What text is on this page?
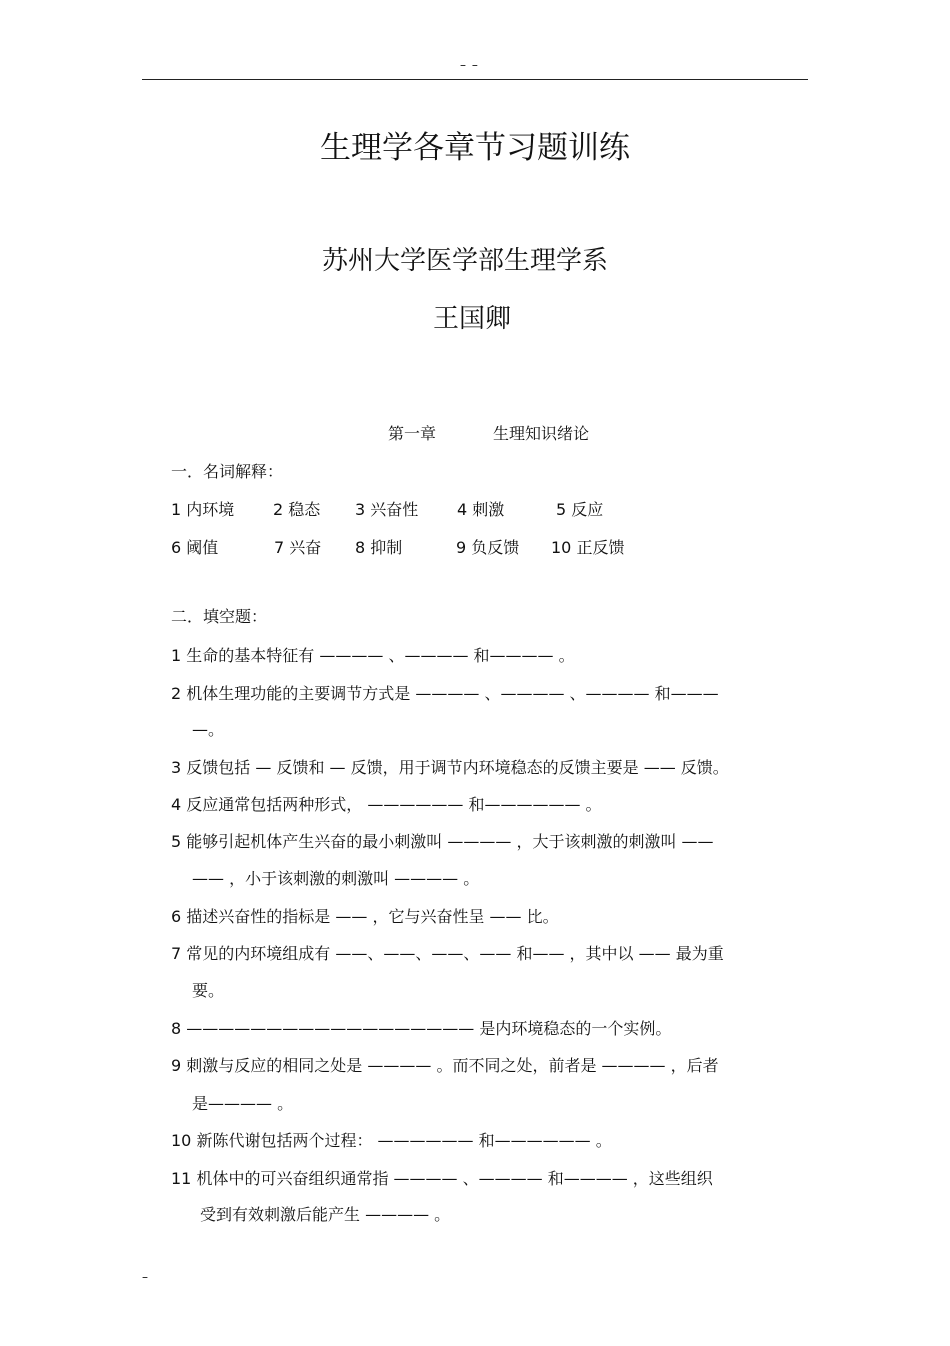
– –
生理学各章节习题训练
苏州大学医学部生理学系
王国卿
第一章	生理知识绪论
一．名词解释：
1 内环境 2 稳态 3 兴奋性 4 刺激	5 反应
6 阈值	7 兴奋 8 抑制	9 负反馈 10 正反馈
二．填空题：
1 生命的基本特征有 ———— 、———— 和———— 。
2 机体生理功能的主要调节方式是 ———— 、———— 、———— 和———
—。
3 反馈包括 — 反馈和 — 反馈，用于调节内环境稳态的反馈主要是 —— 反馈。
4 反应通常包括两种形式， —————— 和—————— 。
5 能够引起机体产生兴奋的最小刺激叫 ———— ，大于该刺激的刺激叫 ——
—— ，小于该刺激的刺激叫 ———— 。
6 描述兴奋性的指标是 —— ，它与兴奋性呈 —— 比。
7 常见的内环境组成有 ——、——、——、—— 和—— ，其中以 —— 最为重
要。
8 —————————————————— 是内环境稳态的一个实例。
9 刺激与反应的相同之处是 ———— 。而不同之处，前者是 ———— ，后者
是———— 。
10 新陈代谢包括两个过程： —————— 和—————— 。
11 机体中的可兴奋组织通常指 ———— 、———— 和———— ，这些组织
受到有效刺激后能产生 ———— 。
–
